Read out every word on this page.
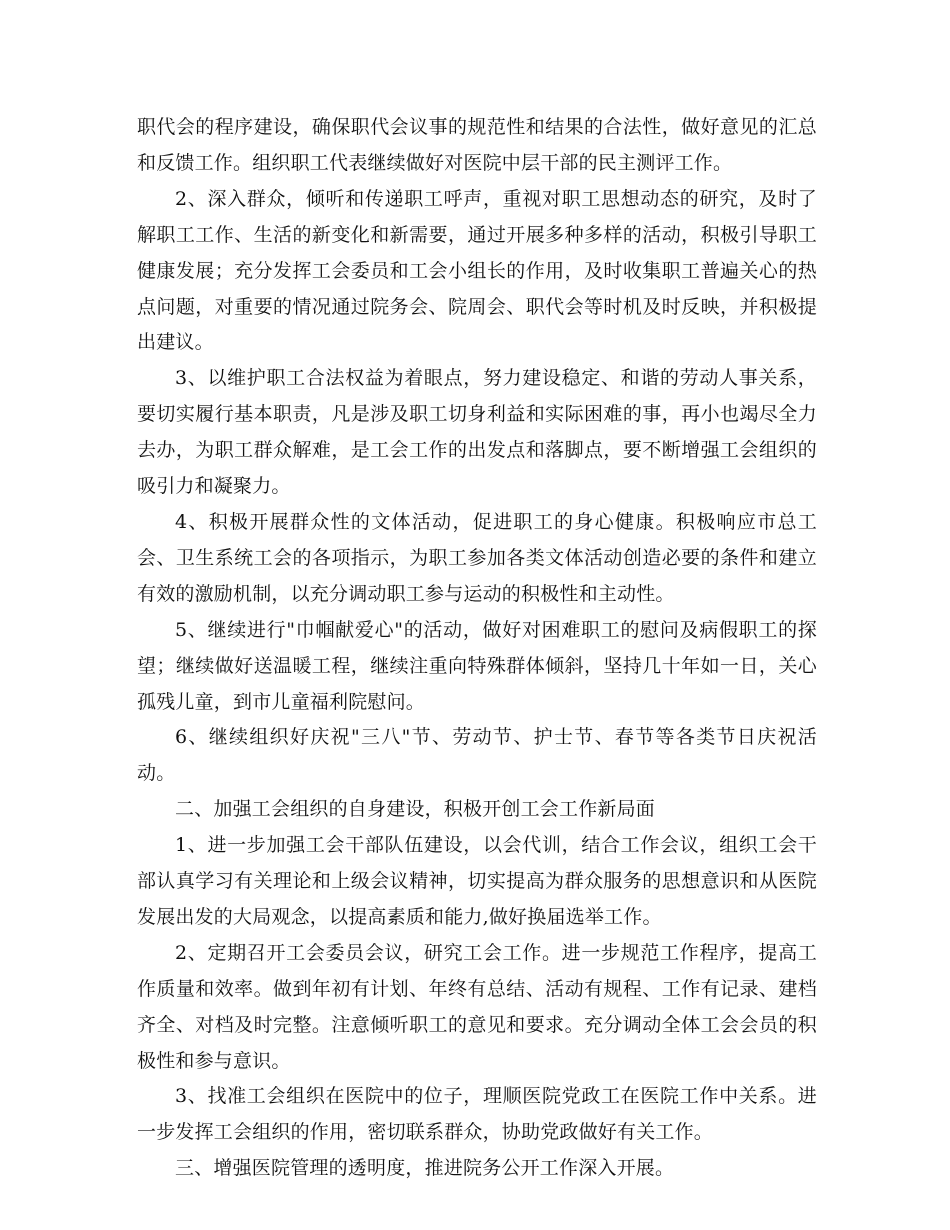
职代会的程序建设，确保职代会议事的规范性和结果的合法性，做好意见的汇总和反馈工作。组织职工代表继续做好对医院中层干部的民主测评工作。

2、深入群众，倾听和传递职工呼声，重视对职工思想动态的研究，及时了解职工工作、生活的新变化和新需要，通过开展多种多样的活动，积极引导职工健康发展；充分发挥工会委员和工会小组长的作用，及时收集职工普遍关心的热点问题，对重要的情况通过院务会、院周会、职代会等时机及时反映，并积极提出建议。

3、以维护职工合法权益为着眼点，努力建设稳定、和谐的劳动人事关系，要切实履行基本职责，凡是涉及职工切身利益和实际困难的事，再小也竭尽全力去办，为职工群众解难，是工会工作的出发点和落脚点，要不断增强工会组织的吸引力和凝聚力。

4、积极开展群众性的文体活动，促进职工的身心健康。积极响应市总工会、卫生系统工会的各项指示，为职工参加各类文体活动创造必要的条件和建立有效的激励机制，以充分调动职工参与运动的积极性和主动性。

5、继续进行"巾帼献爱心"的活动，做好对困难职工的慰问及病假职工的探望；继续做好送温暖工程，继续注重向特殊群体倾斜，坚持几十年如一日，关心孤残儿童，到市儿童福利院慰问。

6、继续组织好庆祝"三八"节、劳动节、护士节、春节等各类节日庆祝活动。

二、加强工会组织的自身建设，积极开创工会工作新局面

1、进一步加强工会干部队伍建设，以会代训，结合工作会议，组织工会干部认真学习有关理论和上级会议精神，切实提高为群众服务的思想意识和从医院发展出发的大局观念，以提高素质和能力,做好换届选举工作。

2、定期召开工会委员会议，研究工会工作。进一步规范工作程序，提高工作质量和效率。做到年初有计划、年终有总结、活动有规程、工作有记录、建档齐全、对档及时完整。注意倾听职工的意见和要求。充分调动全体工会会员的积极性和参与意识。

3、找准工会组织在医院中的位子，理顺医院党政工在医院工作中关系。进一步发挥工会组织的作用，密切联系群众，协助党政做好有关工作。

三、增强医院管理的透明度，推进院务公开工作深入开展。
